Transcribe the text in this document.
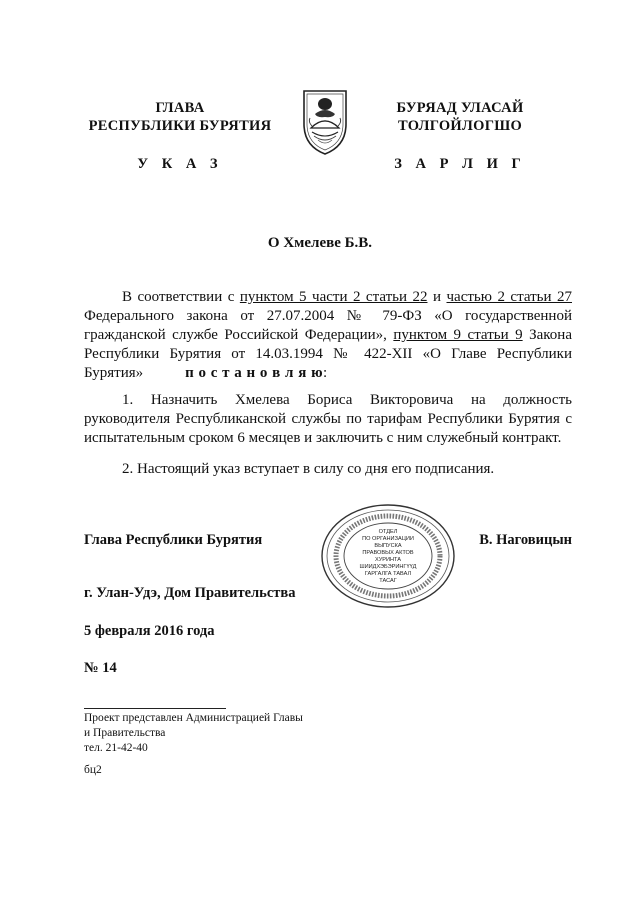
ГЛАВА
РЕСПУБЛИКИ БУРЯТИЯ
У К А З
БУРЯАД УЛАСАЙ
ТОЛГОЙЛОГШО
З А Р Л И Г
О Хмелеве Б.В.
В соответствии с пунктом 5 части 2 статьи 22 и частью 2 статьи 27 Федерального закона от 27.07.2004 № 79-ФЗ «О государственной гражданской службе Российской Федерации», пунктом 9 статьи 9 Закона Республики Бурятия от 14.03.1994 № 422-XII «О Главе Республики Бурятия»	п о с т а н о в л я ю:
1. Назначить Хмелева Бориса Викторовича на должность руководителя Республиканской службы по тарифам Республики Бурятия с испытательным сроком 6 месяцев и заключить с ним служебный контракт.
2. Настоящий указ вступает в силу со дня его подписания.
Глава Республики Бурятия	В. Наговицын
ОТДЕЛ
ПО ОРГАНИЗАЦИИ
ВЫПУСКА
ПРАВОВЫХ АКТОВ
ХУРИНТА
ШИИДХЭБЭРИНГҮҮД
ГАРГАЛГА ТАВАЛ
ТАСАГ
г. Улан-Удэ, Дом Правительства
5 февраля 2016 года
№ 14
Проект представлен Администрацией Главы
и Правительства
тел. 21-42-40
бц2
